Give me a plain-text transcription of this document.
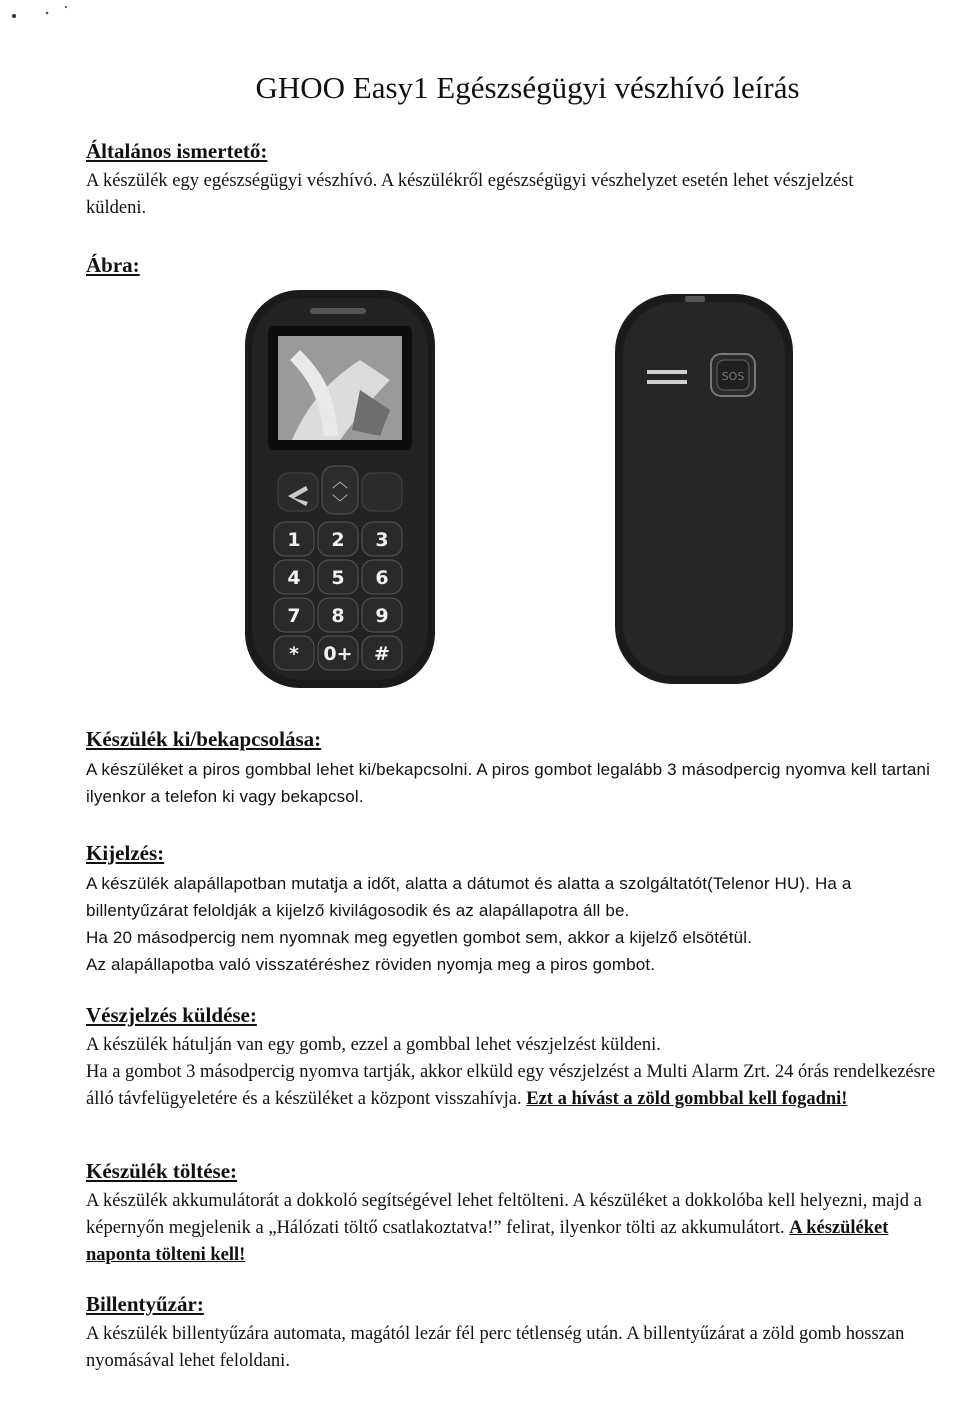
GHOO Easy1 Egészségügyi vészhívó leírás
Általános ismertető:

A készülék egy egészségügyi vészhívó. A készülékről egészségügyi vészhelyzet esetén lehet vészjelzést küldeni.

Ábra:
︿
﹀
1 2 3
4 5 6
7 8 9
* 0+ #
SOS
Készülék ki/bekapcsolása:

A készüléket a piros gombbal lehet ki/bekapcsolni. A piros gombot legalább 3 másodpercig nyomva kell tartani ilyenkor a telefon ki vagy bekapcsol.

Kijelzés:

A készülék alapállapotban mutatja a időt, alatta a dátumot és alatta a szolgáltatót(Telenor HU). Ha a billentyűzárat feloldják a kijelző kivilágosodik és az alapállapotra áll be.

Ha 20 másodpercig nem nyomnak meg egyetlen gombot sem, akkor a kijelző elsötétül.

Az alapállapotba való visszatéréshez röviden nyomja meg a piros gombot.

Vészjelzés küldése:

A készülék hátulján van egy gomb, ezzel a gombbal lehet vészjelzést küldeni.

Ha a gombot 3 másodpercig nyomva tartják, akkor elküld egy vészjelzést a Multi Alarm Zrt. 24 órás rendelkezésre álló távfelügyeletére és a készüléket a központ visszahívja. Ezt a hívást a zöld gombbal kell fogadni!

Készülék töltése:

A készülék akkumulátorát a dokkoló segítségével lehet feltölteni. A készüléket a dokkolóba kell helyezni, majd a képernyőn megjelenik a „Hálózati töltő csatlakoztatva!” felirat, ilyenkor tölti az akkumulátort. A készüléket naponta tölteni kell!

Billentyűzár:

A készülék billentyűzára automata, magától lezár fél perc tétlenség után. A billentyűzárat a zöld gomb hosszan nyomásával lehet feloldani.
